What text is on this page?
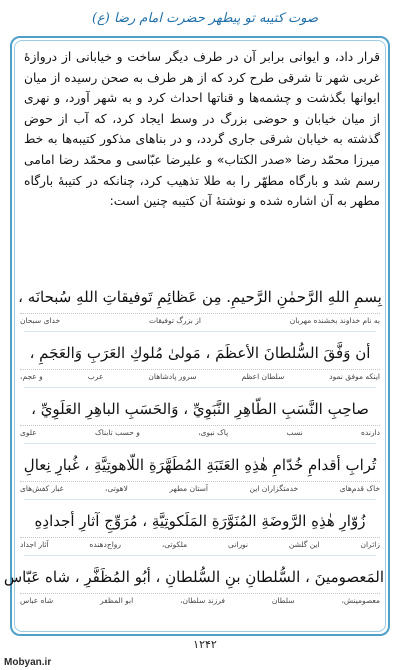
صوت کتیبه تو پیطهر حضرت امام رضا (ع)

قرار داد، و ایوانی برابر آن در طرف دیگر ساخت و خیابانی از دروازهٔ غربی شهر تا شرقی طرح کرد که از هر طرف به صحن رسیده از میان ایوانها بگذشت و چشمه‌ها و قناتها احداث کرد و به شهر آورد، و نهری از میان خیابان و حوضی بزرگ در وسط ایجاد کرد، که آب از حوض گذشته به خیابان شرقی جاری گردد، و در بناهای مذکور کتیبه‌ها به خط میرزا محمّد رضا «صدر الکتاب» و علیرضا عبّاسی و محمّد رضا امامی رسم شد و بارگاه مطهّر را به طلا تذهیب کرد، چنانکه در کتیبهٔ بارگاه مطهر به آن اشاره شده و نوشتهٔ آن کتیبه چنین است:

بِسمِ اللهِ الرَّحمٰنِ الرَّحيمِ. مِن عَظائِمِ تَوفيقاتِ اللهِ سُبحانَه ،
به نام خداوند بخشنده مهربان
از بزرگ توفیقات
خدای سبحان
أن وَفَّقَ السُّلطانَ الأعظَمَ ، مَولىٰ مُلوكِ العَرَبِ وَالعَجَمِ ،
اینکه موفق نمود
سلطان اعظم
سرور پادشاهان
عرب
و عجم،
صاحِبِ النَّسَبِ الطّاهِرِ النَّبَوِيِّ ، وَالحَسَبِ الباهِرِ العَلَوِيِّ ،
دارنده
نسب
پاک نبوی،
و حسب تابناک
علوی
تُرابِ أقدامِ خُدّامِ هٰذِهِ العَتَبَةِ المُطَهَّرَةِ اللّاهوتِيَّةِ ، غُبارِ نِعالِ
خاک قدم‌های
خدمتگزاران این
آستان مطهر
لاهوتی،
غبار کفش‌های
زُوّارِ هٰذِهِ الرَّوضَةِ المُنَوَّرَةِ المَلَكوتِيَّةِ ، مُرَوِّجِ آثارِ أجدادِهِ
زائران
این گلشن
نورانی
ملکوتی،
رواج‌دهنده
آثار اجداد
المَعصومينَ ، السُّلطانِ بنِ السُّلطانِ ، أبُو المُظَفَّرِ ، شاه عَبّاس
معصومینش،
سلطان
فرزند سلطان،
ابو المظفر
شاه عباس
۱۲۴۲
Mobyan.ir
